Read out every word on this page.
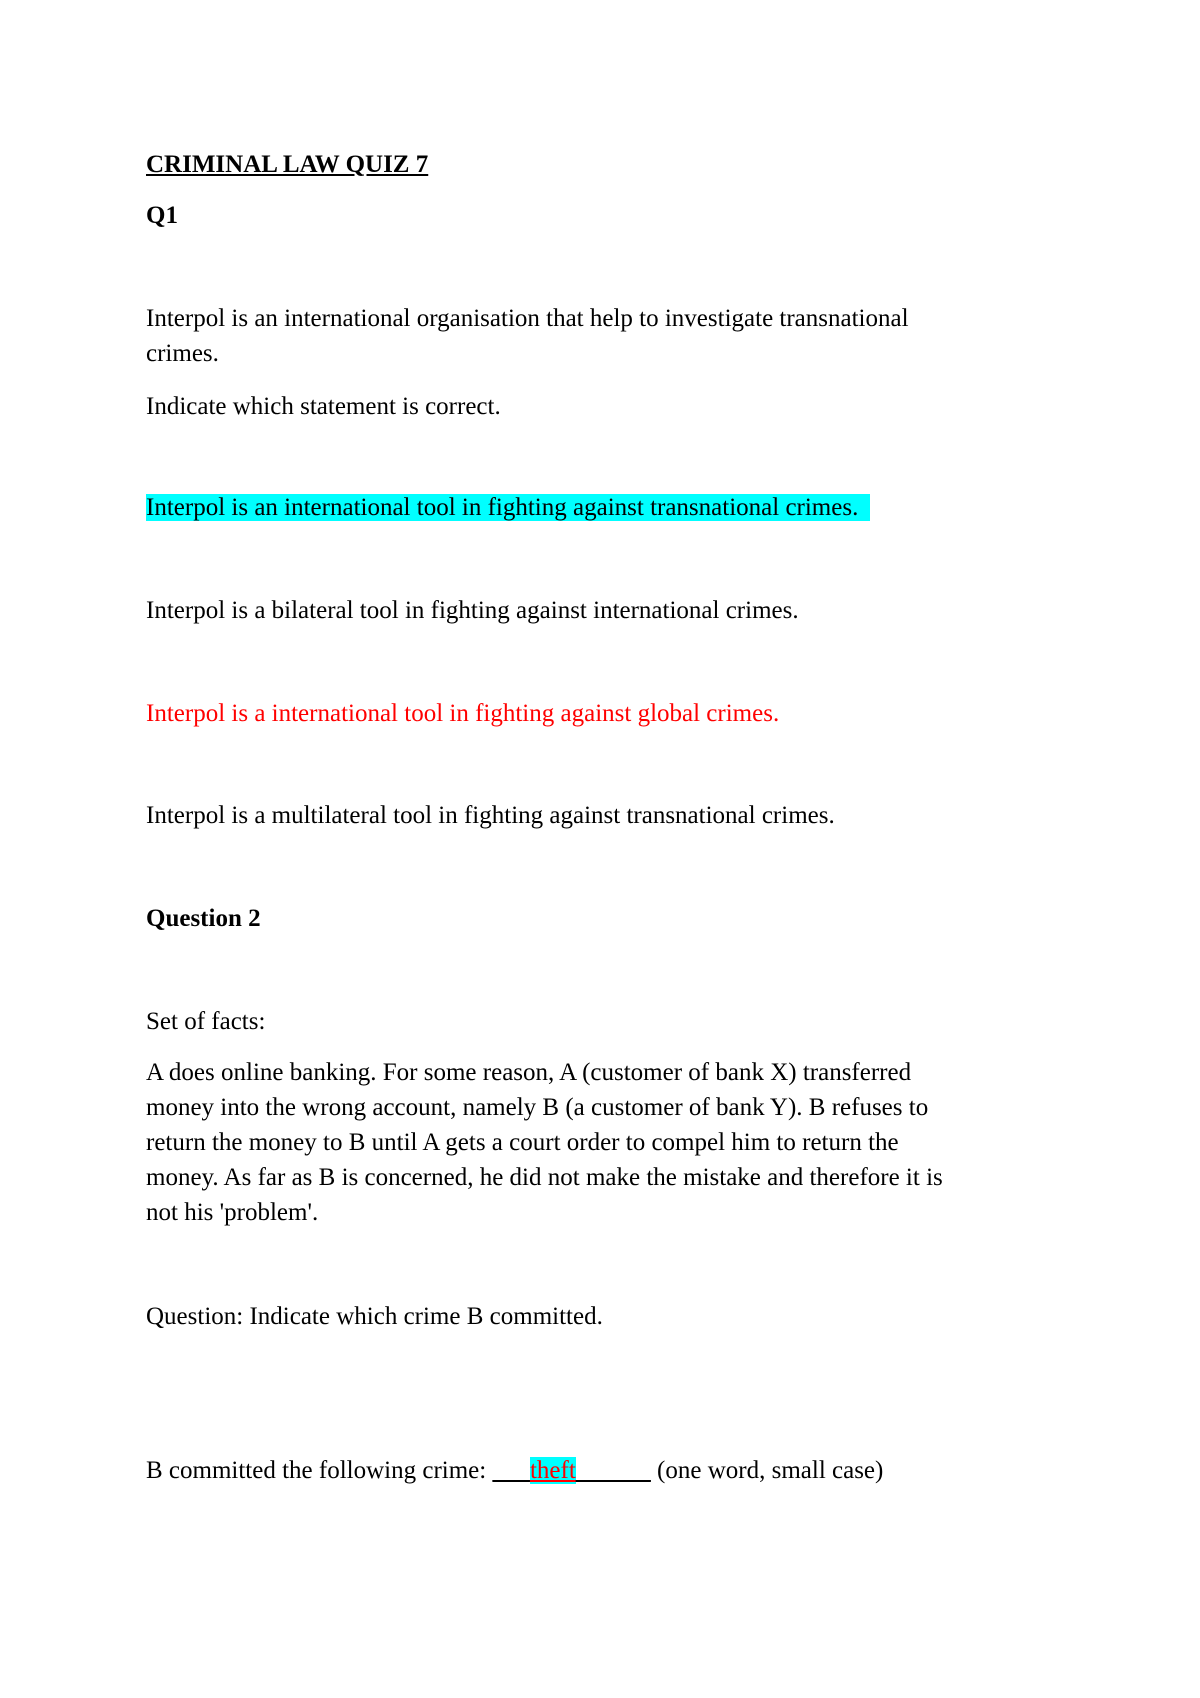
CRIMINAL LAW QUIZ 7
Q1
Interpol is an international organisation that help to investigate transnational
crimes.
Indicate which statement is correct.
Interpol is an international tool in fighting against transnational crimes.
Interpol is a bilateral tool in fighting against international crimes.
Interpol is a international tool in fighting against global crimes.
Interpol is a multilateral tool in fighting against transnational crimes.
Question 2
Set of facts:
A does online banking. For some reason, A (customer of bank X) transferred
money into the wrong account, namely B (a customer of bank Y). B refuses to
return the money to B until A gets a court order to compel him to return the
money. As far as B is concerned, he did not make the mistake and therefore it is
not his 'problem'.
Question: Indicate which crime B committed.
B committed the following crime: ___theft______ (one word, small case)
